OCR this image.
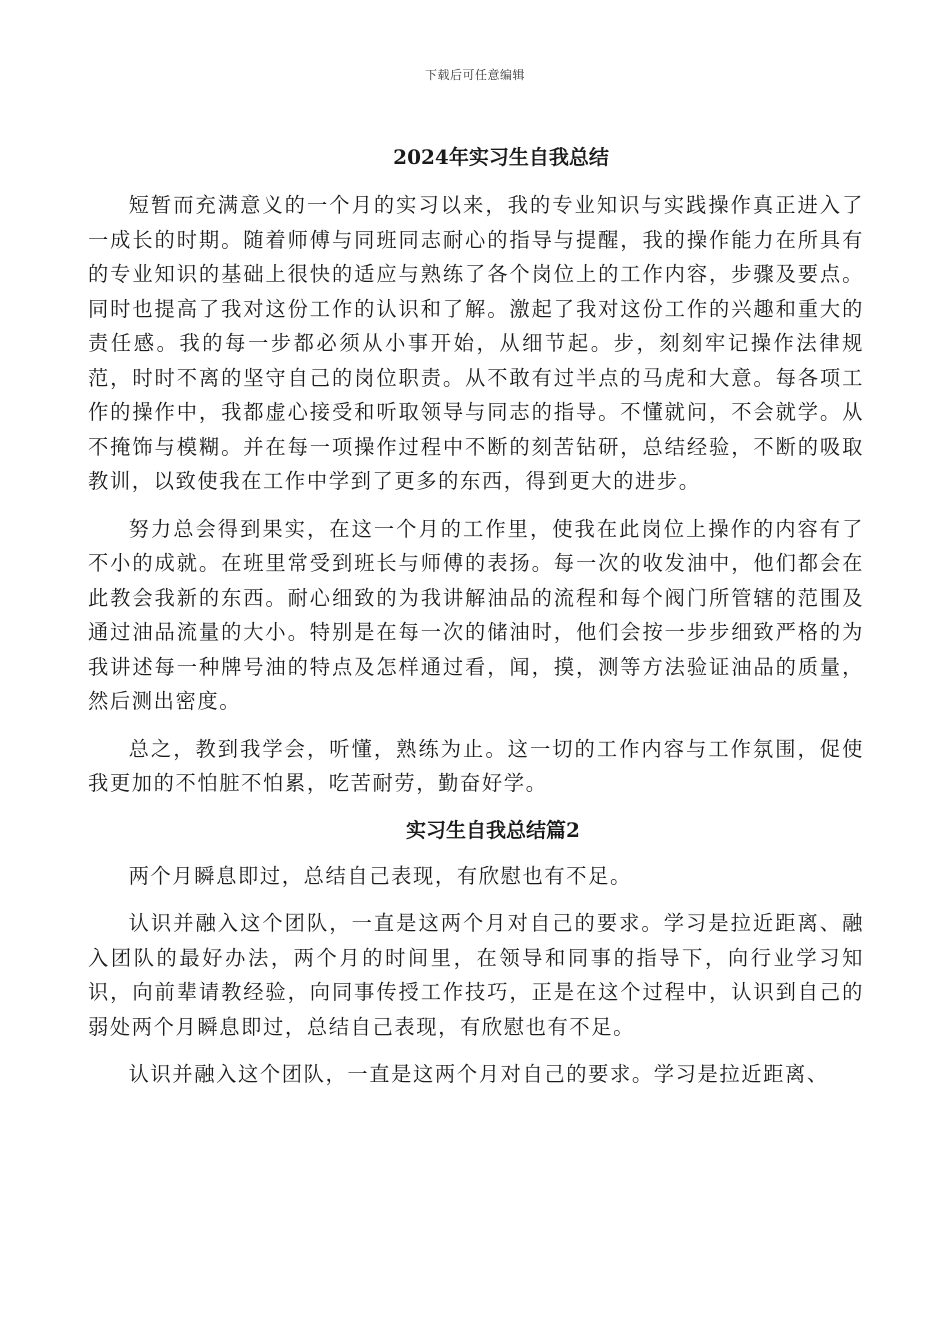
下载后可任意编辑
2024年实习生自我总结

短暂而充满意义的一个月的实习以来，我的专业知识与实践操作真正进入了一成长的时期。随着师傅与同班同志耐心的指导与提醒，我的操作能力在所具有的专业知识的基础上很快的适应与熟练了各个岗位上的工作内容，步骤及要点。同时也提高了我对这份工作的认识和了解。激起了我对这份工作的兴趣和重大的责任感。我的每一步都必须从小事开始，从细节起。步，刻刻牢记操作法律规范，时时不离的坚守自己的岗位职责。从不敢有过半点的马虎和大意。每各项工作的操作中，我都虚心接受和听取领导与同志的指导。不懂就问，不会就学。从不掩饰与模糊。并在每一项操作过程中不断的刻苦钻研，总结经验，不断的吸取教训，以致使我在工作中学到了更多的东西，得到更大的进步。

努力总会得到果实，在这一个月的工作里，使我在此岗位上操作的内容有了不小的成就。在班里常受到班长与师傅的表扬。每一次的收发油中，他们都会在此教会我新的东西。耐心细致的为我讲解油品的流程和每个阀门所管辖的范围及通过油品流量的大小。特别是在每一次的储油时，他们会按一步步细致严格的为我讲述每一种牌号油的特点及怎样通过看，闻，摸，测等方法验证油品的质量，然后测出密度。

总之，教到我学会，听懂，熟练为止。这一切的工作内容与工作氛围，促使我更加的不怕脏不怕累，吃苦耐劳，勤奋好学。

实习生自我总结篇2

两个月瞬息即过，总结自己表现，有欣慰也有不足。

认识并融入这个团队，一直是这两个月对自己的要求。学习是拉近距离、融入团队的最好办法，两个月的时间里，在领导和同事的指导下，向行业学习知识，向前辈请教经验，向同事传授工作技巧，正是在这个过程中，认识到自己的弱处两个月瞬息即过，总结自己表现，有欣慰也有不足。

认识并融入这个团队，一直是这两个月对自己的要求。学习是拉近距离、
